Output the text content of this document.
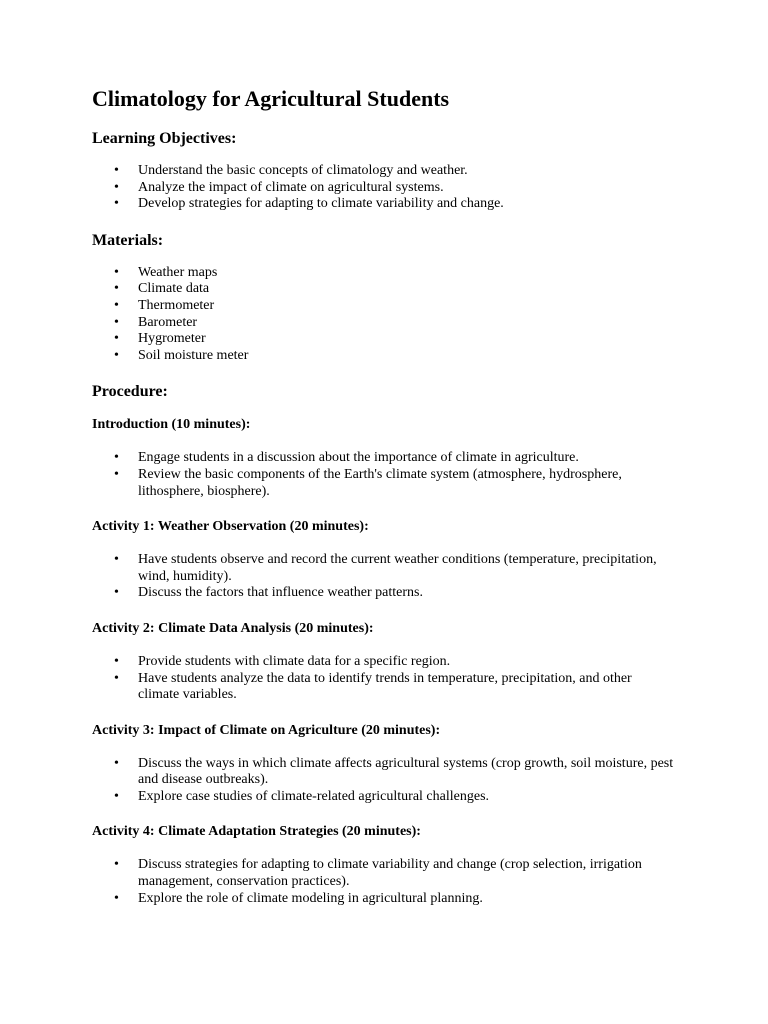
Climatology for Agricultural Students
Learning Objectives:
• Understand the basic concepts of climatology and weather.
• Analyze the impact of climate on agricultural systems.
• Develop strategies for adapting to climate variability and change.
Materials:
• Weather maps
• Climate data
• Thermometer
• Barometer
• Hygrometer
• Soil moisture meter
Procedure:
Introduction (10 minutes):
• Engage students in a discussion about the importance of climate in agriculture.
• Review the basic components of the Earth's climate system (atmosphere, hydrosphere, lithosphere, biosphere).
Activity 1: Weather Observation (20 minutes):
• Have students observe and record the current weather conditions (temperature, precipitation, wind, humidity).
• Discuss the factors that influence weather patterns.
Activity 2: Climate Data Analysis (20 minutes):
• Provide students with climate data for a specific region.
• Have students analyze the data to identify trends in temperature, precipitation, and other climate variables.
Activity 3: Impact of Climate on Agriculture (20 minutes):
• Discuss the ways in which climate affects agricultural systems (crop growth, soil moisture, pest and disease outbreaks).
• Explore case studies of climate-related agricultural challenges.
Activity 4: Climate Adaptation Strategies (20 minutes):
• Discuss strategies for adapting to climate variability and change (crop selection, irrigation management, conservation practices).
• Explore the role of climate modeling in agricultural planning.
